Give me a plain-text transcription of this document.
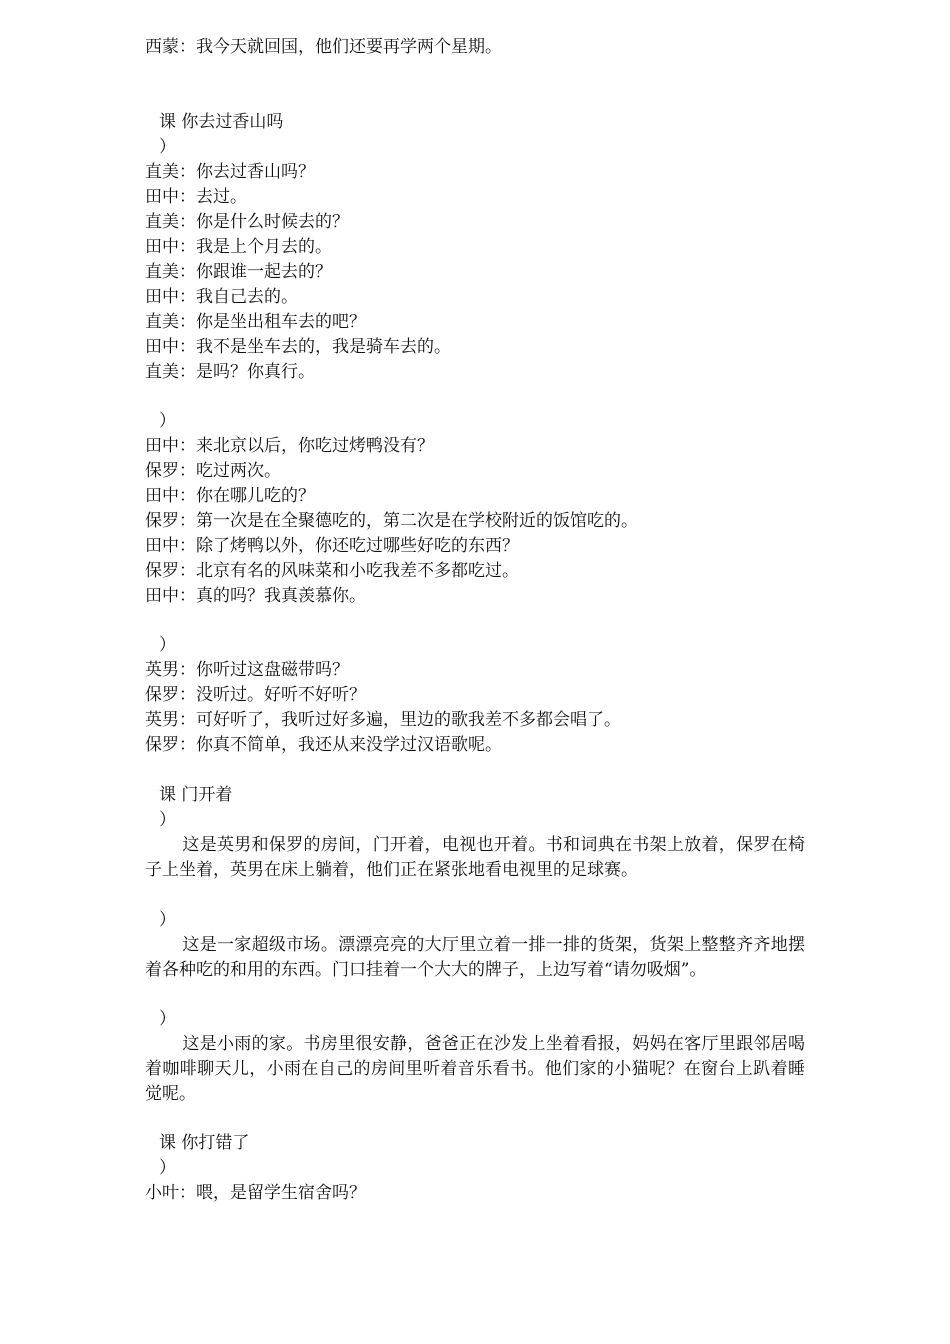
西蒙：我今天就回国，他们还要再学两个星期。
课 你去过香山吗
）
直美：你去过香山吗？
田中：去过。
直美：你是什么时候去的？
田中：我是上个月去的。
直美：你跟谁一起去的？
田中：我自己去的。
直美：你是坐出租车去的吧？
田中：我不是坐车去的，我是骑车去的。
直美：是吗？你真行。
）
田中：来北京以后，你吃过烤鸭没有？
保罗：吃过两次。
田中：你在哪儿吃的？
保罗：第一次是在全聚德吃的，第二次是在学校附近的饭馆吃的。
田中：除了烤鸭以外，你还吃过哪些好吃的东西？
保罗：北京有名的风味菜和小吃我差不多都吃过。
田中：真的吗？我真羡慕你。
）
英男：你听过这盘磁带吗？
保罗：没听过。好听不好听？
英男：可好听了，我听过好多遍，里边的歌我差不多都会唱了。
保罗：你真不简单，我还从来没学过汉语歌呢。
课 门开着
）

这是英男和保罗的房间，门开着，电视也开着。书和词典在书架上放着，保罗在椅子上坐着，英男在床上躺着，他们正在紧张地看电视里的足球赛。

）

这是一家超级市场。漂漂亮亮的大厅里立着一排一排的货架，货架上整整齐齐地摆着各种吃的和用的东西。门口挂着一个大大的牌子，上边写着“请勿吸烟”。

）

这是小雨的家。书房里很安静，爸爸正在沙发上坐着看报，妈妈在客厅里跟邻居喝着咖啡聊天儿，小雨在自己的房间里听着音乐看书。他们家的小猫呢？在窗台上趴着睡觉呢。

课 你打错了
）
小叶：喂，是留学生宿舍吗？
